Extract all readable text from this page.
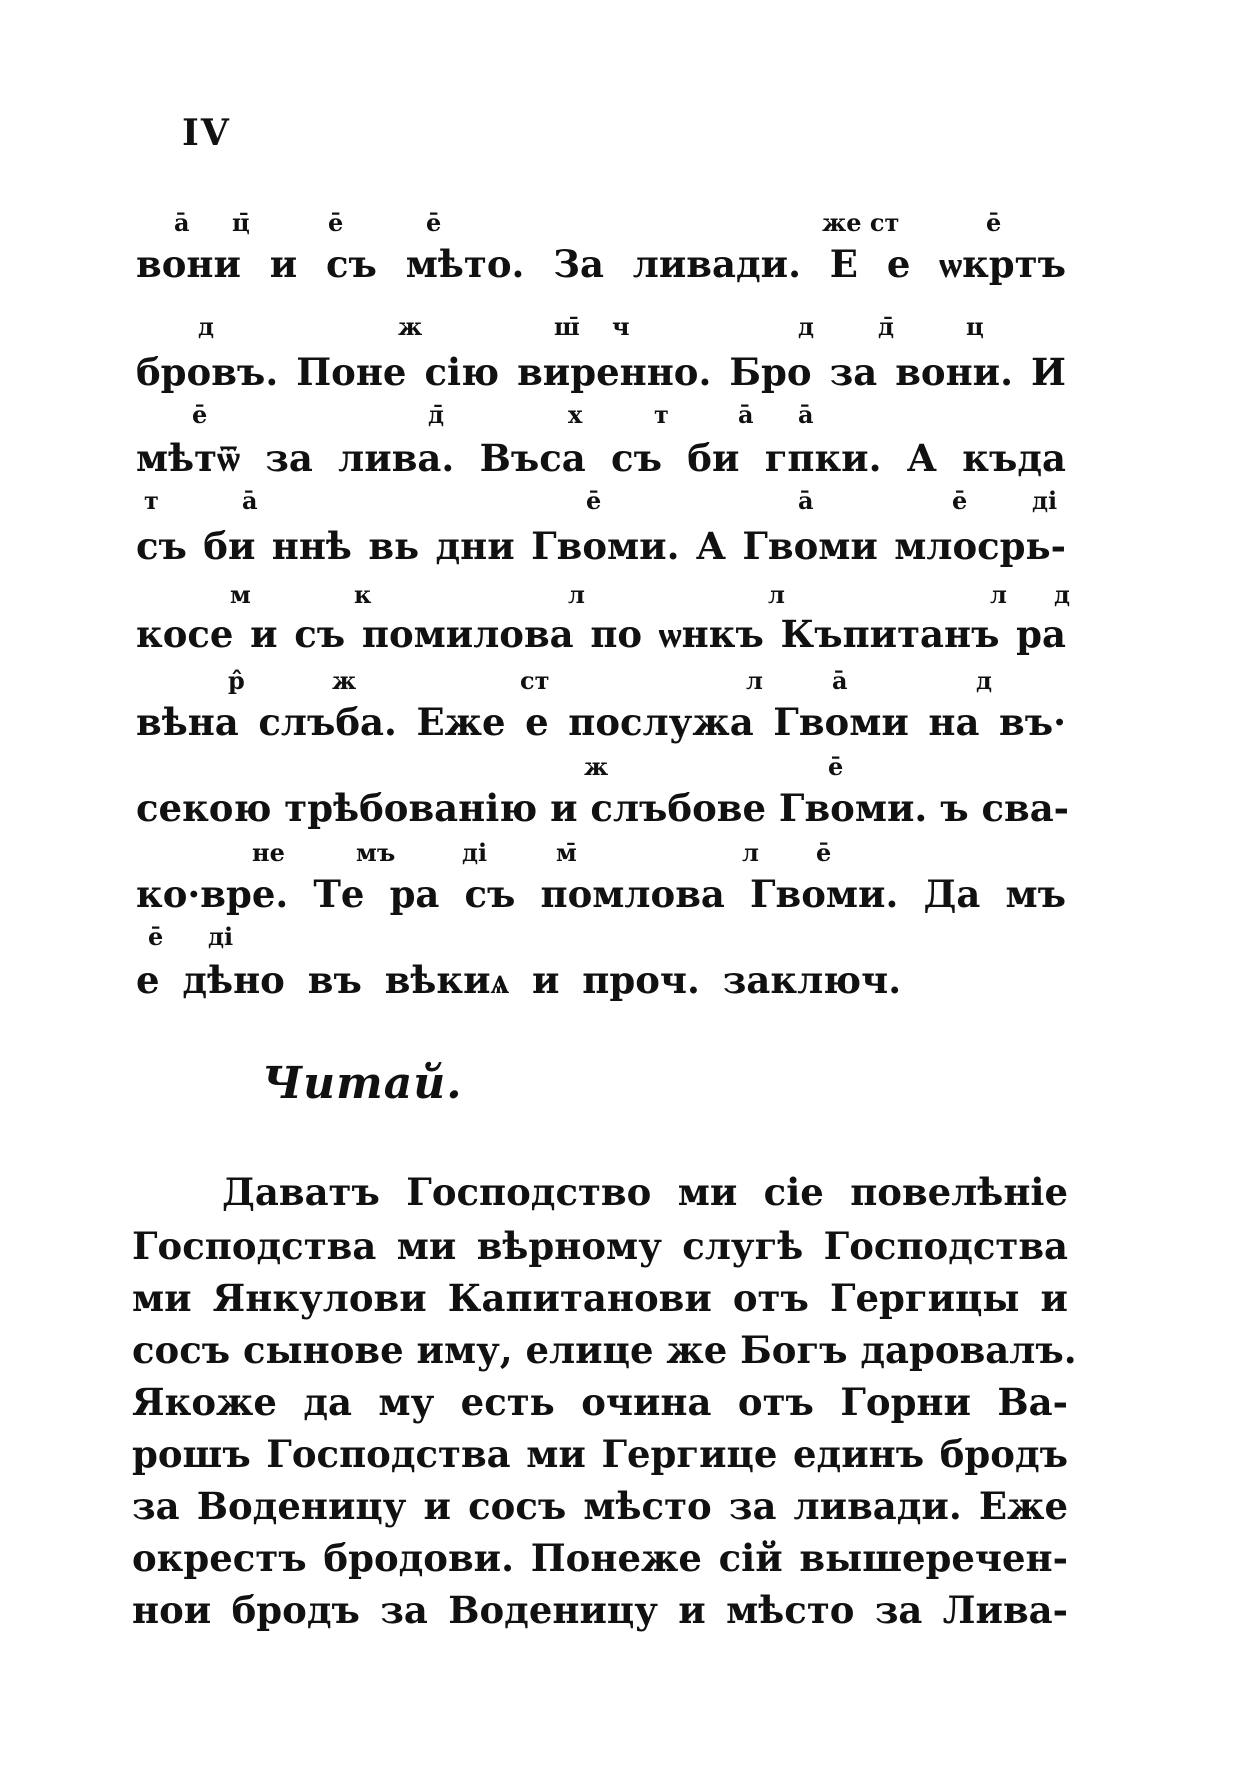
IV
ā ц̄	ē	ē	же ст	ē
вони и съ мѣто. За ливади. Е е ѡкртъ
д	ж	ш̄ ч	д	д̄	ц
бровъ. Поне сію виренно. Бро за вони. И
ē	д̄	х	т	ā ā
мѣтѿ за лива. Въса съ би гпки. А къда
т	ā	ē	ā	ē	ді
съ би ннѣ вь дни Гвоми. А Гвоми млосрь-
м	к	л	л	л д
косе и съ помилова по ѡнкъ Къпитанъ ра
р̂	ж	ст	л	ā	д
вѣна слъба. Еже е послужа Гвоми на въ·
ж	ē
секою трѣбованію и слъбове Гвоми. ъ сва-
не	мъ	ді	м̄	л ē
ко·вре. Те ра съ помлова Гвоми. Да мъ
ē ді
е дѣно въ вѣкиѧ и проч. заключ.
Читай.
Даватъ Господство ми сіе повелѣніе
Господства ми вѣрному слугѣ Господства
ми Янкулови Капитанови отъ Гергицы и
сосъ сынове иму, елице же Богъ даровалъ.
Якоже да му есть очина отъ Горни Ва-
рошъ Господства ми Гергице единъ бродъ
за Воденицу и сосъ мѣсто за ливади. Еже
окрестъ бродови. Понеже сій вышеречен-
нои бродъ за Воденицу и мѣсто за Лива-
